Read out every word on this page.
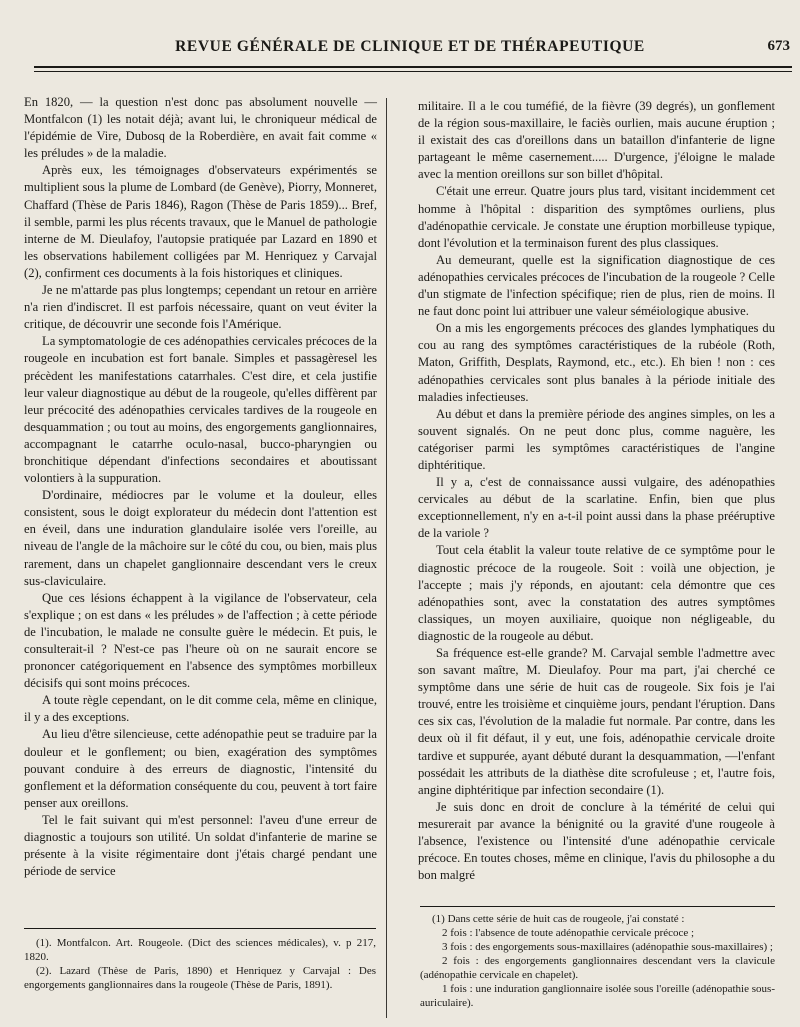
REVUE GÉNÉRALE DE CLINIQUE ET DE THÉRAPEUTIQUE	673

En 1820, — la question n'est donc pas absolument nouvelle — Montfalcon (1) les notait déjà; avant lui, le chroniqueur médical de l'épidémie de Vire, Dubosq de la Roberdière, en avait fait comme « les préludes » de la maladie.

Après eux, les témoignages d'observateurs expérimentés se multiplient sous la plume de Lombard (de Genève), Piorry, Monneret, Chaffard (Thèse de Paris 1846), Ragon (Thèse de Paris 1859)... Bref, il semble, parmi les plus récents travaux, que le Manuel de pathologie interne de M. Dieulafoy, l'autopsie pratiquée par Lazard en 1890 et les observations habilement colligées par M. Henriquez y Carvajal (2), confirment ces documents à la fois historiques et cliniques.

Je ne m'attarde pas plus longtemps; cependant un retour en arrière n'a rien d'indiscret. Il est parfois nécessaire, quant on veut éviter la critique, de découvrir une seconde fois l'Amérique.

La symptomatologie de ces adénopathies cervicales précoces de la rougeole en incubation est fort banale. Simples et passagèresel les précèdent les manifestations catarrhales. C'est dire, et cela justifie leur valeur diagnostique au début de la rougeole, qu'elles diffèrent par leur précocité des adénopathies cervicales tardives de la rougeole en desquammation ; ou tout au moins, des engorgements ganglionnaires, accompagnant le catarrhe oculo-nasal, bucco-pharyngien ou bronchitique dépendant d'infections secondaires et aboutissant volontiers à la suppuration.

D'ordinaire, médiocres par le volume et la douleur, elles consistent, sous le doigt explorateur du médecin dont l'attention est en éveil, dans une induration glandulaire isolée vers l'oreille, au niveau de l'angle de la mâchoire sur le côté du cou, ou bien, mais plus rarement, dans un chapelet ganglionnaire descendant vers le creux sus-claviculaire.

Que ces lésions échappent à la vigilance de l'observateur, cela s'explique ; on est dans « les préludes » de l'affection ; à cette période de l'incubation, le malade ne consulte guère le médecin. Et puis, le consulterait-il ? N'est-ce pas l'heure où on ne saurait encore se prononcer catégoriquement en l'absence des symptômes morbilleux décisifs qui sont moins précoces.

A toute règle cependant, on le dit comme cela, même en clinique, il y a des exceptions.

Au lieu d'être silencieuse, cette adénopathie peut se traduire par la douleur et le gonflement; ou bien, exagération des symptômes pouvant conduire à des erreurs de diagnostic, l'intensité du gonflement et la déformation conséquente du cou, peuvent à tort faire penser aux oreillons.

Tel le fait suivant qui m'est personnel: l'aveu d'une erreur de diagnostic a toujours son utilité. Un soldat d'infanterie de marine se présente à la visite régimentaire dont j'étais chargé pendant une période de service

militaire. Il a le cou tuméfié, de la fièvre (39 degrés), un gonflement de la région sous-maxillaire, le faciès ourlien, mais aucune éruption ; il existait des cas d'oreillons dans un bataillon d'infanterie de ligne partageant le même casernement..... D'urgence, j'éloigne le malade avec la mention oreillons sur son billet d'hôpital.

C'était une erreur. Quatre jours plus tard, visitant incidemment cet homme à l'hôpital : disparition des symptômes ourliens, plus d'adénopathie cervicale. Je constate une éruption morbilleuse typique, dont l'évolution et la terminaison furent des plus classiques.

Au demeurant, quelle est la signification diagnostique de ces adénopathies cervicales précoces de l'incubation de la rougeole ? Celle d'un stigmate de l'infection spécifique; rien de plus, rien de moins. Il ne faut donc point lui attribuer une valeur séméiologique abusive.

On a mis les engorgements précoces des glandes lymphatiques du cou au rang des symptômes caractéristiques de la rubéole (Roth, Maton, Griffith, Desplats, Raymond, etc., etc.). Eh bien ! non : ces adénopathies cervicales sont plus banales à la période initiale des maladies infectieuses.

Au début et dans la première période des angines simples, on les a souvent signalés. On ne peut donc plus, comme naguère, les catégoriser parmi les symptômes caractéristiques de l'angine diphtéritique.

Il y a, c'est de connaissance aussi vulgaire, des adénopathies cervicales au début de la scarlatine. Enfin, bien que plus exceptionnellement, n'y en a-t-il point aussi dans la phase prééruptive de la variole ?

Tout cela établit la valeur toute relative de ce symptôme pour le diagnostic précoce de la rougeole. Soit : voilà une objection, je l'accepte ; mais j'y réponds, en ajoutant: cela démontre que ces adénopathies sont, avec la constatation des autres symptômes classiques, un moyen auxiliaire, quoique non négligeable, du diagnostic de la rougeole au début.

Sa fréquence est-elle grande? M. Carvajal semble l'admettre avec son savant maître, M. Dieulafoy. Pour ma part, j'ai cherché ce symptôme dans une série de huit cas de rougeole. Six fois je l'ai trouvé, entre les troisième et cinquième jours, pendant l'éruption. Dans ces six cas, l'évolution de la maladie fut normale. Par contre, dans les deux où il fit défaut, il y eut, une fois, adénopathie cervicale droite tardive et suppurée, ayant débuté durant la desquammation, —l'enfant possédait les attributs de la diathèse dite scrofuleuse ; et, l'autre fois, angine diphtéritique par infection secondaire (1).

Je suis donc en droit de conclure à la témérité de celui qui mesurerait par avance la bénignité ou la gravité d'une rougeole à l'absence, l'existence ou l'intensité d'une adénopathie cervicale précoce. En toutes choses, même en clinique, l'avis du philosophe a du bon malgré

(1). Montfalcon. Art. Rougeole. (Dict des sciences médicales), v. p 217, 1820.

(2). Lazard (Thèse de Paris, 1890) et Henriquez y Carvajal : Des engorgements ganglionnaires dans la rougeole (Thèse de Paris, 1891).

(1) Dans cette série de huit cas de rougeole, j'ai constaté :

2 fois : l'absence de toute adénopathie cervicale précoce ;

3 fois : des engorgements sous-maxillaires (adénopathie sous-maxillaires) ;

2 fois : des engorgements ganglionnaires descendant vers la clavicule (adénopathie cervicale en chapelet).

1 fois : une induration ganglionnaire isolée sous l'oreille (adénopathie sous-auriculaire).
